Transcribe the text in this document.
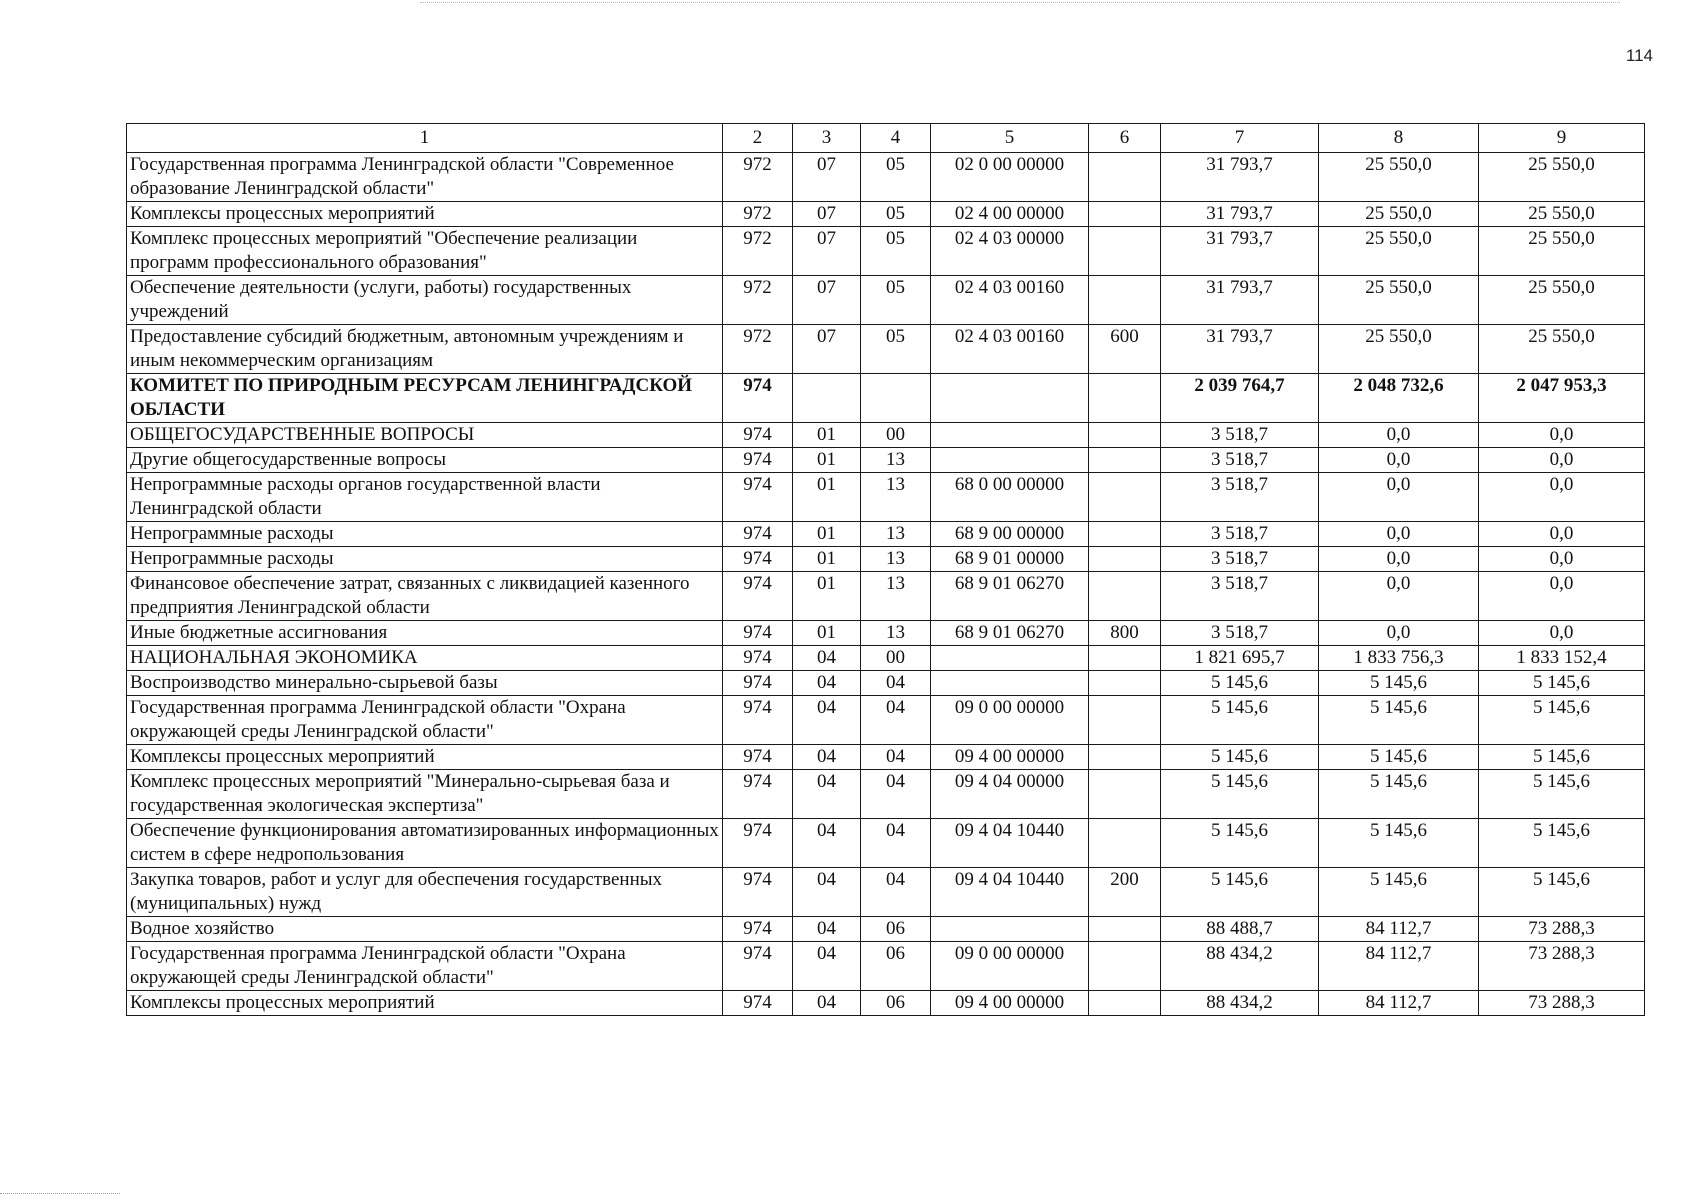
114
1	2	3	4	5	6	7	8	9
Государственная программа Ленинградской области "Современное образование Ленинградской области"	972	07	05	02 0 00 00000		31 793,7	25 550,0	25 550,0
Комплексы процессных мероприятий	972	07	05	02 4 00 00000		31 793,7	25 550,0	25 550,0
Комплекс процессных мероприятий "Обеспечение реализации программ профессионального образования"	972	07	05	02 4 03 00000		31 793,7	25 550,0	25 550,0
Обеспечение деятельности (услуги, работы) государственных учреждений	972	07	05	02 4 03 00160		31 793,7	25 550,0	25 550,0
Предоставление субсидий бюджетным, автономным учреждениям и иным некоммерческим организациям	972	07	05	02 4 03 00160	600	31 793,7	25 550,0	25 550,0
КОМИТЕТ ПО ПРИРОДНЫМ РЕСУРСАМ ЛЕНИНГРАДСКОЙ ОБЛАСТИ	974					2 039 764,7	2 048 732,6	2 047 953,3
ОБЩЕГОСУДАРСТВЕННЫЕ ВОПРОСЫ	974	01	00			3 518,7	0,0	0,0
Другие общегосударственные вопросы	974	01	13			3 518,7	0,0	0,0
Непрограммные расходы органов государственной власти Ленинградской области	974	01	13	68 0 00 00000		3 518,7	0,0	0,0
Непрограммные расходы	974	01	13	68 9 00 00000		3 518,7	0,0	0,0
Непрограммные расходы	974	01	13	68 9 01 00000		3 518,7	0,0	0,0
Финансовое обеспечение затрат, связанных с ликвидацией казенного предприятия Ленинградской области	974	01	13	68 9 01 06270		3 518,7	0,0	0,0
Иные бюджетные ассигнования	974	01	13	68 9 01 06270	800	3 518,7	0,0	0,0
НАЦИОНАЛЬНАЯ ЭКОНОМИКА	974	04	00			1 821 695,7	1 833 756,3	1 833 152,4
Воспроизводство минерально-сырьевой базы	974	04	04			5 145,6	5 145,6	5 145,6
Государственная программа Ленинградской области "Охрана окружающей среды Ленинградской области"	974	04	04	09 0 00 00000		5 145,6	5 145,6	5 145,6
Комплексы процессных мероприятий	974	04	04	09 4 00 00000		5 145,6	5 145,6	5 145,6
Комплекс процессных мероприятий "Минерально-сырьевая база и государственная экологическая экспертиза"	974	04	04	09 4 04 00000		5 145,6	5 145,6	5 145,6
Обеспечение функционирования автоматизированных информационных систем в сфере недропользования	974	04	04	09 4 04 10440		5 145,6	5 145,6	5 145,6
Закупка товаров, работ и услуг для обеспечения государственных (муниципальных) нужд	974	04	04	09 4 04 10440	200	5 145,6	5 145,6	5 145,6
Водное хозяйство	974	04	06			88 488,7	84 112,7	73 288,3
Государственная программа Ленинградской области "Охрана окружающей среды Ленинградской области"	974	04	06	09 0 00 00000		88 434,2	84 112,7	73 288,3
Комплексы процессных мероприятий	974	04	06	09 4 00 00000		88 434,2	84 112,7	73 288,3
